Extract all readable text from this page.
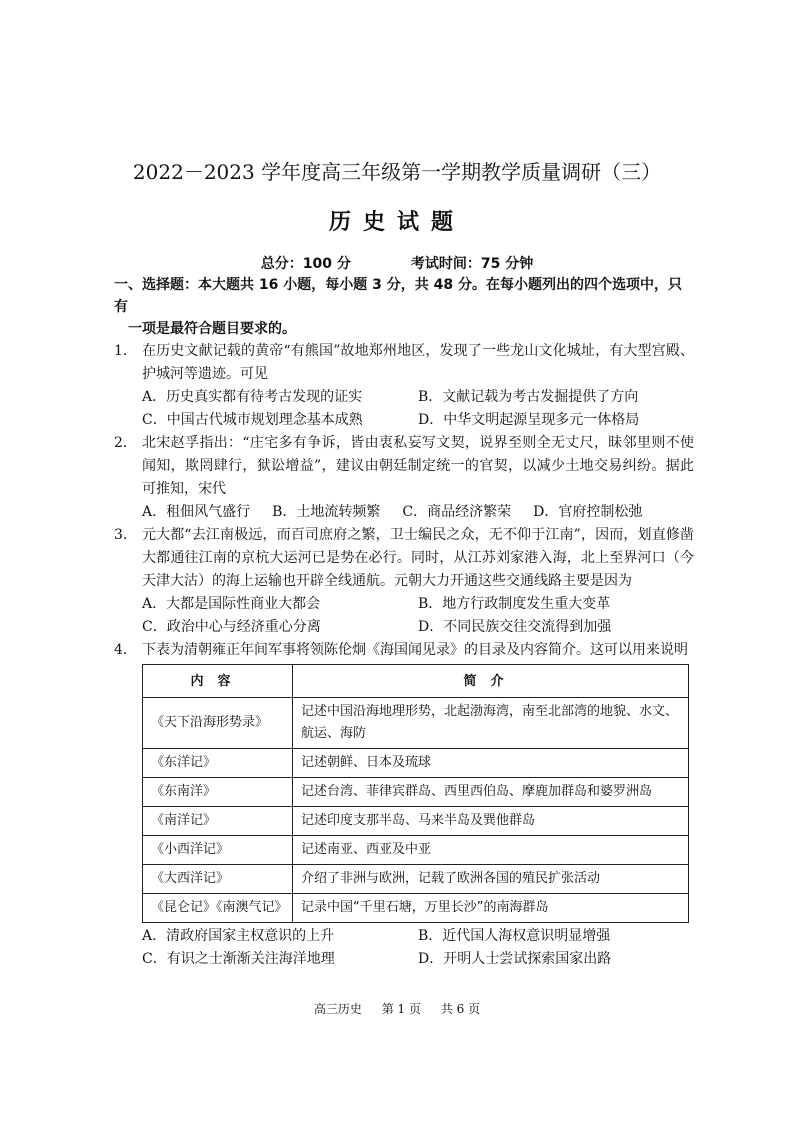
2022－2023 学年度高三年级第一学期教学质量调研（三）
历史试题
总分：100 分	考试时间：75 分钟
一、选择题：本大题共 16 小题，每小题 3 分，共 48 分。在每小题列出的四个选项中，只有
一项是最符合题目要求的。
1． 在历史文献记载的黄帝“有熊国”故地郑州地区，发现了一些龙山文化城址，有大型宫殿、护城河等遗迹。可见
A．历史真实都有待考古发现的证实	B．文献记载为考古发掘提供了方向
C．中国古代城市规划理念基本成熟	D．中华文明起源呈现多元一体格局
2． 北宋赵孚指出：“庄宅多有争诉，皆由衷私妄写文契，说界至则全无丈尺，昧邻里则不使闻知，欺罔肆行，狱讼增益”，建议由朝廷制定统一的官契，以减少土地交易纠纷。据此可推知，宋代
A．租佃风气盛行 B．土地流转频繁 C．商品经济繁荣 D．官府控制松弛
3． 元大都“去江南极远，而百司庶府之繁，卫士编民之众，无不仰于江南”，因而，划直修凿大都通往江南的京杭大运河已是势在必行。同时，从江苏刘家港入海，北上至界河口（今天津大沽）的海上运输也开辟全线通航。元朝大力开通这些交通线路主要是因为
A．大都是国际性商业大都会	B．地方行政制度发生重大变革
C．政治中心与经济重心分离	D．不同民族交往交流得到加强
4． 下表为清朝雍正年间军事将领陈伦炯《海国闻见录》的目录及内容简介。这可以用来说明
内容	简介
《天下沿海形势录》	记述中国沿海地理形势，北起渤海湾，南至北部湾的地貌、水文、航运、海防
《东洋记》	记述朝鲜、日本及琉球
《东南洋》	记述台湾、菲律宾群岛、西里西伯岛、摩鹿加群岛和婆罗洲岛
《南洋记》	记述印度支那半岛、马来半岛及巽他群岛
《小西洋记》	记述南亚、西亚及中亚
《大西洋记》	介绍了非洲与欧洲，记载了欧洲各国的殖民扩张活动
《昆仑记》《南澳气记》	记录中国“千里石塘，万里长沙”的南海群岛
A．清政府国家主权意识的上升	B．近代国人海权意识明显增强
C．有识之士渐渐关注海洋地理	D．开明人士尝试探索国家出路
高三历史 第 1 页 共 6 页
